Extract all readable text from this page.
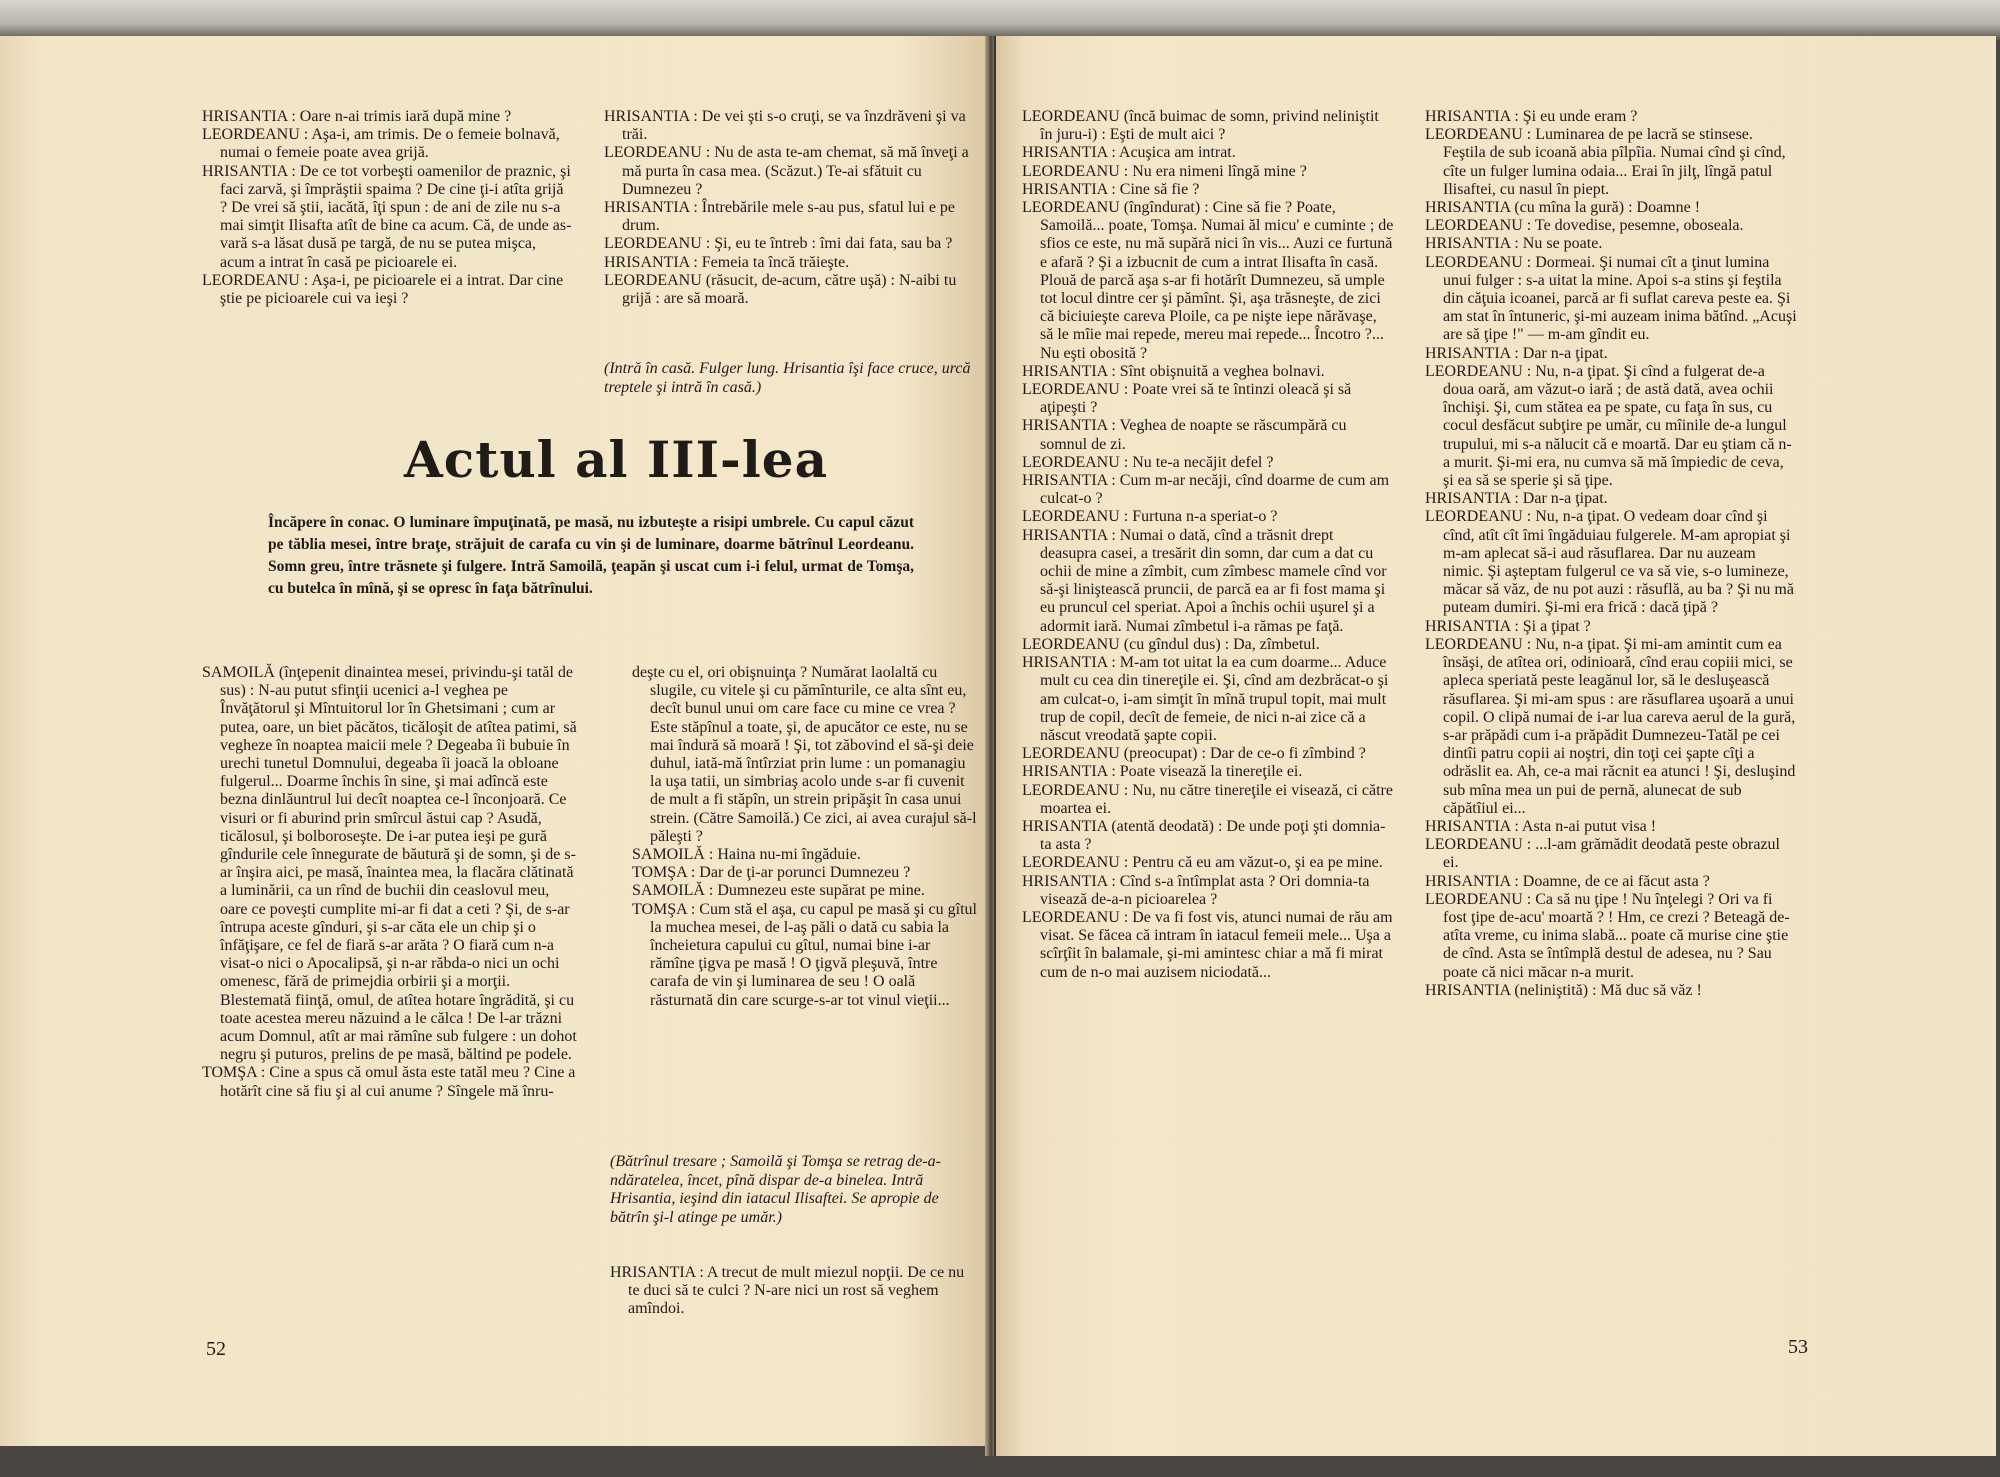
HRISANTIA : Oare n-ai trimis iară după mine ?

LEORDEANU : Aşa-i, am trimis. De o femeie bolnavă, numai o femeie poate avea grijă.

HRISANTIA : De ce tot vorbeşti oamenilor de praznic, şi faci zarvă, şi împrăştii spaima ? De cine ţi-i atîta grijă ? De vrei să ştii, iacătă, îţi spun : de ani de zile nu s-a mai simţit Ilisafta atît de bine ca acum. Că, de unde as-vară s-a lăsat dusă pe targă, de nu se putea mişca, acum a intrat în casă pe picioarele ei.

LEORDEANU : Aşa-i, pe picioarele ei a intrat. Dar cine ştie pe picioarele cui va ieşi ?

HRISANTIA : De vei şti s-o cruţi, se va înzdrăveni şi va trăi.

LEORDEANU : Nu de asta te-am chemat, să mă înveţi a mă purta în casa mea. (Scăzut.) Te-ai sfătuit cu Dumnezeu ?

HRISANTIA : Întrebările mele s-au pus, sfatul lui e pe drum.

LEORDEANU : Şi, eu te întreb : îmi dai fata, sau ba ?

HRISANTIA : Femeia ta încă trăieşte.

LEORDEANU (răsucit, de-acum, către uşă) : N-aibi tu grijă : are să moară.

(Intră în casă. Fulger lung. Hrisantia îşi face cruce, urcă treptele şi intră în casă.)
Actul al III-lea
Încăpere în conac. O luminare împuţinată, pe masă, nu izbuteşte a risipi umbrele. Cu capul căzut pe tăblia mesei, între braţe, străjuit de carafa cu vin şi de luminare, doarme bătrînul Leordeanu. Somn greu, între trăsnete şi fulgere. Intră Samoilă, ţeapăn şi uscat cum i-i felul, urmat de Tomşa, cu butelca în mînă, şi se opresc în faţa bătrînului.

SAMOILĂ (înţepenit dinaintea mesei, privindu-şi tatăl de sus) : N-au putut sfinţii ucenici a-l veghea pe Învăţătorul şi Mîntuitorul lor în Ghetsimani ; cum ar putea, oare, un biet păcătos, ticăloşit de atîtea patimi, să vegheze în noaptea maicii mele ? Degeaba îi bubuie în urechi tunetul Domnului, degeaba îi joacă la obloane fulgerul... Doarme închis în sine, şi mai adîncă este bezna dinlăuntrul lui decît noaptea ce-l înconjoară. Ce visuri or fi aburind prin smîrcul ăstui cap ? Asudă, ticălosul, şi bolboroseşte. De i-ar putea ieşi pe gură gîndurile cele înnegurate de băutură şi de somn, şi de s-ar înşira aici, pe masă, înaintea mea, la flacăra clătinată a luminării, ca un rînd de buchii din ceaslovul meu, oare ce poveşti cumplite mi-ar fi dat a ceti ? Şi, de s-ar întrupa aceste gînduri, şi s-ar căta ele un chip şi o înfăţişare, ce fel de fiară s-ar arăta ? O fiară cum n-a visat-o nici o Apocalipsă, şi n-ar răbda-o nici un ochi omenesc, fără de primejdia orbirii şi a morţii. Blestemată fiinţă, omul, de atîtea hotare îngrădită, şi cu toate acestea mereu năzuind a le călca ! De l-ar trăzni acum Domnul, atît ar mai rămîne sub fulgere : un dohot negru şi puturos, prelins de pe masă, băltind pe podele.

TOMŞA : Cine a spus că omul ăsta este tatăl meu ? Cine a hotărît cine să fiu şi al cui anume ? Sîngele mă înru-

deşte cu el, ori obişnuinţa ? Numărat laolaltă cu slugile, cu vitele şi cu pămînturile, ce alta sînt eu, decît bunul unui om care face cu mine ce vrea ? Este stăpînul a toate, şi, de apucător ce este, nu se mai îndură să moară ! Şi, tot zăbovind el să-şi deie duhul, iată-mă întîrziat prin lume : un pomanagiu la uşa tatii, un simbriaş acolo unde s-ar fi cuvenit de mult a fi stăpîn, un strein pripăşit în casa unui strein. (Către Samoilă.) Ce zici, ai avea curajul să-l păleşti ?

SAMOILĂ : Haina nu-mi îngăduie.

TOMŞA : Dar de ţi-ar porunci Dumnezeu ?

SAMOILĂ : Dumnezeu este supărat pe mine.

TOMŞA : Cum stă el aşa, cu capul pe masă şi cu gîtul la muchea mesei, de l-aş păli o dată cu sabia la încheietura capului cu gîtul, numai bine i-ar rămîne ţigva pe masă ! O ţigvă pleşuvă, între carafa de vin şi luminarea de seu ! O oală răsturnată din care scurge-s-ar tot vinul vieţii...

(Bătrînul tresare ; Samoilă şi Tomşa se retrag de-a-ndăratelea, încet, pînă dispar de-a binelea. Intră Hrisantia, ieşind din iatacul Ilisaftei. Se apropie de bătrîn şi-l atinge pe umăr.)

HRISANTIA : A trecut de mult miezul nopţii. De ce nu te duci să te culci ? N-are nici un rost să veghem amîndoi.

52

LEORDEANU (încă buimac de somn, privind neliniştit în juru-i) : Eşti de mult aici ?

HRISANTIA : Acuşica am intrat.

LEORDEANU : Nu era nimeni lîngă mine ?

HRISANTIA : Cine să fie ?

LEORDEANU (îngîndurat) : Cine să fie ? Poate, Samoilă... poate, Tomşa. Numai ăl micu' e cuminte ; de sfios ce este, nu mă supără nici în vis... Auzi ce furtună e afară ? Şi a izbucnit de cum a intrat Ilisafta în casă. Plouă de parcă aşa s-ar fi hotărît Dumnezeu, să umple tot locul dintre cer şi pămînt. Şi, aşa trăsneşte, de zici că biciuieşte careva Ploile, ca pe nişte iepe nărăvaşe, să le mîie mai repede, mereu mai repede... Încotro ?... Nu eşti obosită ?

HRISANTIA : Sînt obişnuită a veghea bolnavi.

LEORDEANU : Poate vrei să te întinzi oleacă şi să aţipeşti ?

HRISANTIA : Veghea de noapte se răscumpără cu somnul de zi.

LEORDEANU : Nu te-a necăjit defel ?

HRISANTIA : Cum m-ar necăji, cînd doarme de cum am culcat-o ?

LEORDEANU : Furtuna n-a speriat-o ?

HRISANTIA : Numai o dată, cînd a trăsnit drept deasupra casei, a tresărit din somn, dar cum a dat cu ochii de mine a zîmbit, cum zîmbesc mamele cînd vor să-şi liniştească pruncii, de parcă ea ar fi fost mama şi eu pruncul cel speriat. Apoi a închis ochii uşurel şi a adormit iară. Numai zîmbetul i-a rămas pe faţă.

LEORDEANU (cu gîndul dus) : Da, zîmbetul.

HRISANTIA : M-am tot uitat la ea cum doarme... Aduce mult cu cea din tinereţile ei. Şi, cînd am dezbrăcat-o şi am culcat-o, i-am simţit în mînă trupul topit, mai mult trup de copil, decît de femeie, de nici n-ai zice că a născut vreodată şapte copii.

LEORDEANU (preocupat) : Dar de ce-o fi zîmbind ?

HRISANTIA : Poate visează la tinereţile ei.

LEORDEANU : Nu, nu către tinereţile ei visează, ci către moartea ei.

HRISANTIA (atentă deodată) : De unde poţi şti domnia-ta asta ?

LEORDEANU : Pentru că eu am văzut-o, şi ea pe mine.

HRISANTIA : Cînd s-a întîmplat asta ? Ori domnia-ta visează de-a-n picioarelea ?

LEORDEANU : De va fi fost vis, atunci numai de rău am visat. Se făcea că intram în iatacul femeii mele... Uşa a scîrţîit în balamale, şi-mi amintesc chiar a mă fi mirat cum de n-o mai auzisem niciodată...

HRISANTIA : Şi eu unde eram ?

LEORDEANU : Luminarea de pe lacră se stinsese. Feştila de sub icoană abia pîlpîia. Numai cînd şi cînd, cîte un fulger lumina odaia... Erai în jilţ, lîngă patul Ilisaftei, cu nasul în piept.

HRISANTIA (cu mîna la gură) : Doamne !

LEORDEANU : Te dovedise, pesemne, oboseala.

HRISANTIA : Nu se poate.

LEORDEANU : Dormeai. Şi numai cît a ţinut lumina unui fulger : s-a uitat la mine. Apoi s-a stins şi feştila din căţuia icoanei, parcă ar fi suflat careva peste ea. Şi am stat în întuneric, şi-mi auzeam inima bătînd. „Acuşi are să ţipe !" — m-am gîndit eu.

HRISANTIA : Dar n-a ţipat.

LEORDEANU : Nu, n-a ţipat. Şi cînd a fulgerat de-a doua oară, am văzut-o iară ; de astă dată, avea ochii închişi. Şi, cum stătea ea pe spate, cu faţa în sus, cu cocul desfăcut subţire pe umăr, cu mîinile de-a lungul trupului, mi s-a nălucit că e moartă. Dar eu ştiam că n-a murit. Şi-mi era, nu cumva să mă împiedic de ceva, şi ea să se sperie şi să ţipe.

HRISANTIA : Dar n-a ţipat.

LEORDEANU : Nu, n-a ţipat. O vedeam doar cînd şi cînd, atît cît îmi îngăduiau fulgerele. M-am apropiat şi m-am aplecat să-i aud răsuflarea. Dar nu auzeam nimic. Şi aşteptam fulgerul ce va să vie, s-o lumineze, măcar să văz, de nu pot auzi : răsuflă, au ba ? Şi nu mă puteam dumiri. Şi-mi era frică : dacă ţipă ?

HRISANTIA : Şi a ţipat ?

LEORDEANU : Nu, n-a ţipat. Şi mi-am amintit cum ea însăşi, de atîtea ori, odinioară, cînd erau copiii mici, se apleca speriată peste leagănul lor, să le desluşească răsuflarea. Şi mi-am spus : are răsuflarea uşoară a unui copil. O clipă numai de i-ar lua careva aerul de la gură, s-ar prăpădi cum i-a prăpădit Dumnezeu-Tatăl pe cei dintîi patru copii ai noştri, din toţi cei şapte cîţi a odrăslit ea. Ah, ce-a mai răcnit ea atunci ! Şi, desluşind sub mîna mea un pui de pernă, alunecat de sub căpătîiul ei...

HRISANTIA : Asta n-ai putut visa !

LEORDEANU : ...l-am grămădit deodată peste obrazul ei.

HRISANTIA : Doamne, de ce ai făcut asta ?

LEORDEANU : Ca să nu ţipe ! Nu înţelegi ? Ori va fi fost ţipe de-acu' moartă ? ! Hm, ce crezi ? Beteagă de-atîta vreme, cu inima slabă... poate că murise cine ştie de cînd. Asta se întîmplă destul de adesea, nu ? Sau poate că nici măcar n-a murit.

HRISANTIA (neliniştită) : Mă duc să văz !

53
